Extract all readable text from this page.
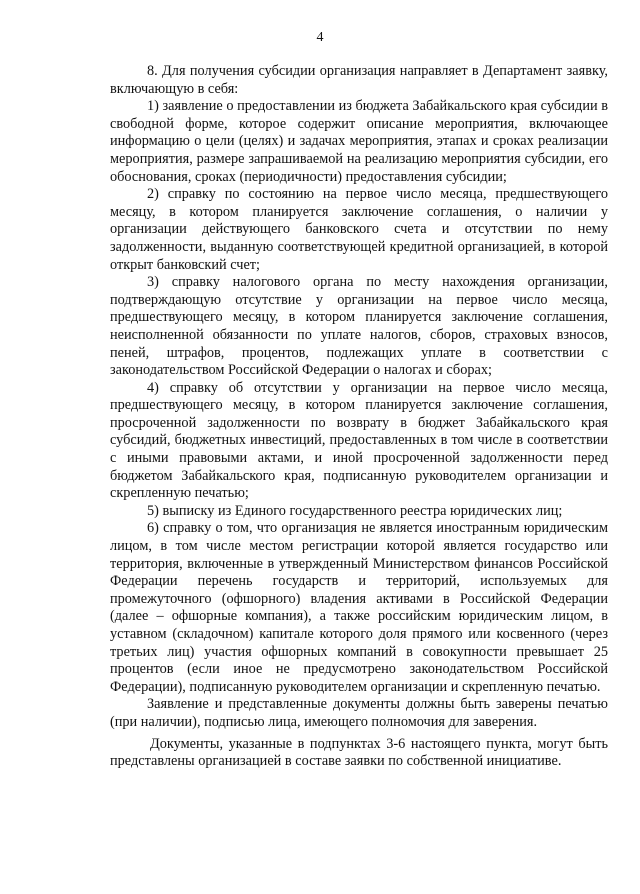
4

8. Для получения субсидии организация направляет в Департамент заявку, включающую в себя:

1) заявление о предоставлении из бюджета Забайкальского края субсидии в свободной форме, которое содержит описание мероприятия, включающее информацию о цели (целях) и задачах мероприятия, этапах и сроках реализации мероприятия, размере запрашиваемой на реализацию мероприятия субсидии, его обоснования, сроках (периодичности) предоставления субсидии;

2) справку по состоянию на первое число месяца, предшествующего месяцу, в котором планируется заключение соглашения, о наличии у организации действующего банковского счета и отсутствии по нему задолженности, выданную соответствующей кредитной организацией, в которой открыт банковский счет;

3) справку налогового органа по месту нахождения организации, подтверждающую отсутствие у организации на первое число месяца, предшествующего месяцу, в котором планируется заключение соглашения, неисполненной обязанности по уплате налогов, сборов, страховых взносов, пеней, штрафов, процентов, подлежащих уплате в соответствии с законодательством Российской Федерации о налогах и сборах;

4) справку об отсутствии у организации на первое число месяца, предшествующего месяцу, в котором планируется заключение соглашения, просроченной задолженности по возврату в бюджет Забайкальского края субсидий, бюджетных инвестиций, предоставленных в том числе в соответствии с иными правовыми актами, и иной просроченной задолженности перед бюджетом Забайкальского края, подписанную руководителем организации и скрепленную печатью;

5) выписку из Единого государственного реестра юридических лиц;

6) справку о том, что организация не является иностранным юридическим лицом, в том числе местом регистрации которой является государство или территория, включенные в утвержденный Министерством финансов Российской Федерации перечень государств и территорий, используемых для промежуточного (офшорного) владения активами в Российской Федерации (далее – офшорные компания), а также российским юридическим лицом, в уставном (складочном) капитале которого доля прямого или косвенного (через третьих лиц) участия офшорных компаний в совокупности превышает 25 процентов (если иное не предусмотрено законодательством Российской Федерации), подписанную руководителем организации и скрепленную печатью.

Заявление и представленные документы должны быть заверены печатью (при наличии), подписью лица, имеющего полномочия для заверения.

Документы, указанные в подпунктах 3-6 настоящего пункта, могут быть представлены организацией в составе заявки по собственной инициативе.
